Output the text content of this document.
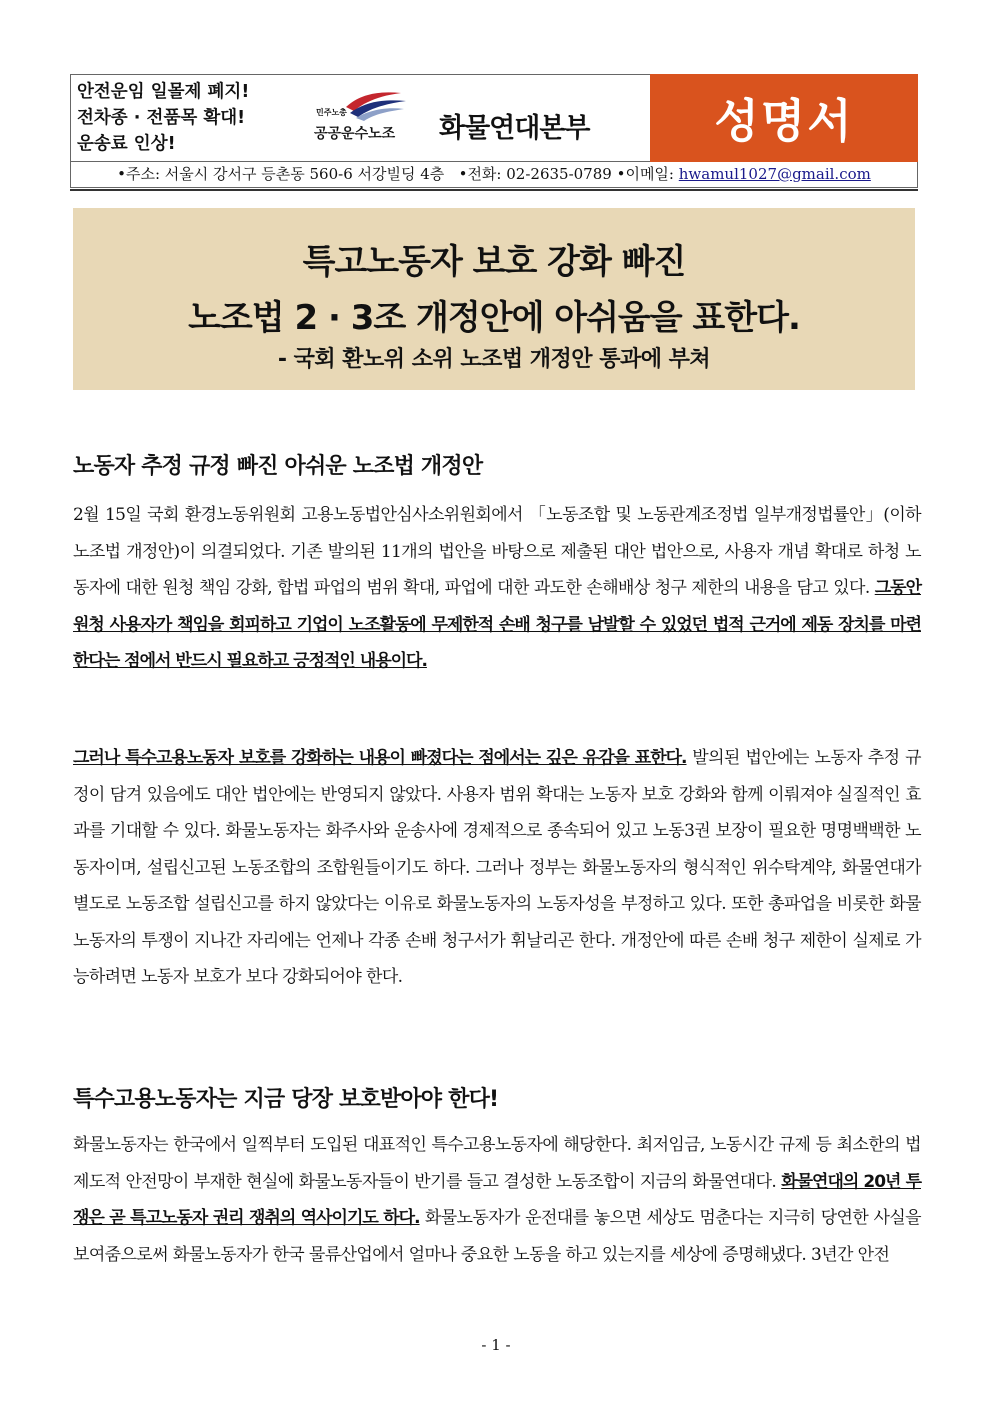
안전운임 일몰제 폐지!
전차종 · 전품목 확대!
운송료 인상!
민주노총
공공운수노조 화물연대본부	성명서
•주소: 서울시 강서구 등촌동 560-6 서강빌딩 4층 •전화: 02-2635-0789 •이메일: hwamul1027@gmail.com
특고노동자 보호 강화 빠진
노조법 2 · 3조 개정안에 아쉬움을 표한다.
- 국회 환노위 소위 노조법 개정안 통과에 부쳐
노동자 추정 규정 빠진 아쉬운 노조법 개정안
2월 15일 국회 환경노동위원회 고용노동법안심사소위원회에서 「노동조합 및 노동관계조정법 일부개정법률안」(이하 노조법 개정안)이 의결되었다. 기존 발의된 11개의 법안을 바탕으로 제출된 대안 법안으로, 사용자 개념 확대로 하청 노동자에 대한 원청 책임 강화, 합법 파업의 범위 확대, 파업에 대한 과도한 손해배상 청구 제한의 내용을 담고 있다. 그동안 원청 사용자가 책임을 회피하고 기업이 노조활동에 무제한적 손배 청구를 남발할 수 있었던 법적 근거에 제동 장치를 마련한다는 점에서 반드시 필요하고 긍정적인 내용이다.
그러나 특수고용노동자 보호를 강화하는 내용이 빠졌다는 점에서는 깊은 유감을 표한다. 발의된 법안에는 노동자 추정 규정이 담겨 있음에도 대안 법안에는 반영되지 않았다. 사용자 범위 확대는 노동자 보호 강화와 함께 이뤄져야 실질적인 효과를 기대할 수 있다. 화물노동자는 화주사와 운송사에 경제적으로 종속되어 있고 노동3권 보장이 필요한 명명백백한 노동자이며, 설립신고된 노동조합의 조합원들이기도 하다. 그러나 정부는 화물노동자의 형식적인 위수탁계약, 화물연대가 별도로 노동조합 설립신고를 하지 않았다는 이유로 화물노동자의 노동자성을 부정하고 있다. 또한 총파업을 비롯한 화물노동자의 투쟁이 지나간 자리에는 언제나 각종 손배 청구서가 휘날리곤 한다. 개정안에 따른 손배 청구 제한이 실제로 가능하려면 노동자 보호가 보다 강화되어야 한다.
특수고용노동자는 지금 당장 보호받아야 한다!
화물노동자는 한국에서 일찍부터 도입된 대표적인 특수고용노동자에 해당한다. 최저임금, 노동시간 규제 등 최소한의 법제도적 안전망이 부재한 현실에 화물노동자들이 반기를 들고 결성한 노동조합이 지금의 화물연대다. 화물연대의 20년 투쟁은 곧 특고노동자 권리 쟁취의 역사이기도 하다. 화물노동자가 운전대를 놓으면 세상도 멈춘다는 지극히 당연한 사실을 보여줌으로써 화물노동자가 한국 물류산업에서 얼마나 중요한 노동을 하고 있는지를 세상에 증명해냈다. 3년간 안전
- 1 -
